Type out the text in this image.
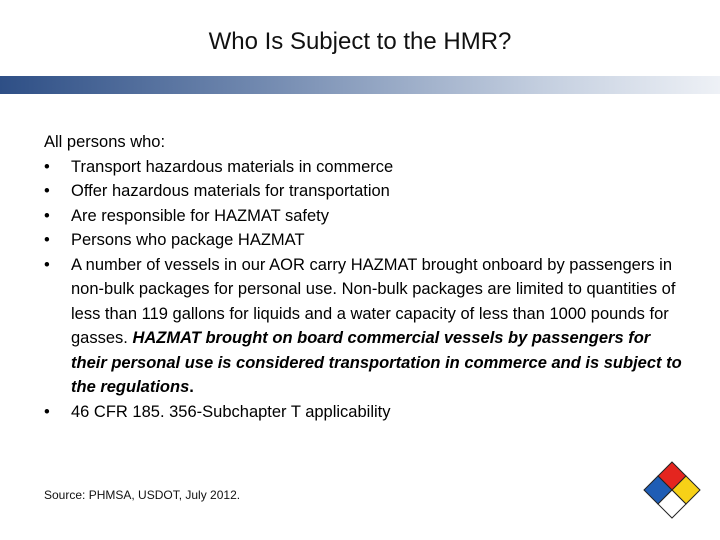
Who Is Subject to the HMR?

All persons who:

• Transport hazardous materials in commerce
• Offer hazardous materials for transportation
• Are responsible for HAZMAT safety
• Persons who package HAZMAT
• A number of vessels in our AOR carry HAZMAT brought onboard by passengers in non-bulk packages for personal use. Non-bulk packages are limited to quantities of less than 119 gallons for liquids and a water capacity of less than 1000 pounds for gasses. HAZMAT brought on board commercial vessels by passengers for their personal use is considered transportation in commerce and is subject to the regulations.
• 46 CFR 185. 356-Subchapter T applicability
Source: PHMSA, USDOT, July 2012.
